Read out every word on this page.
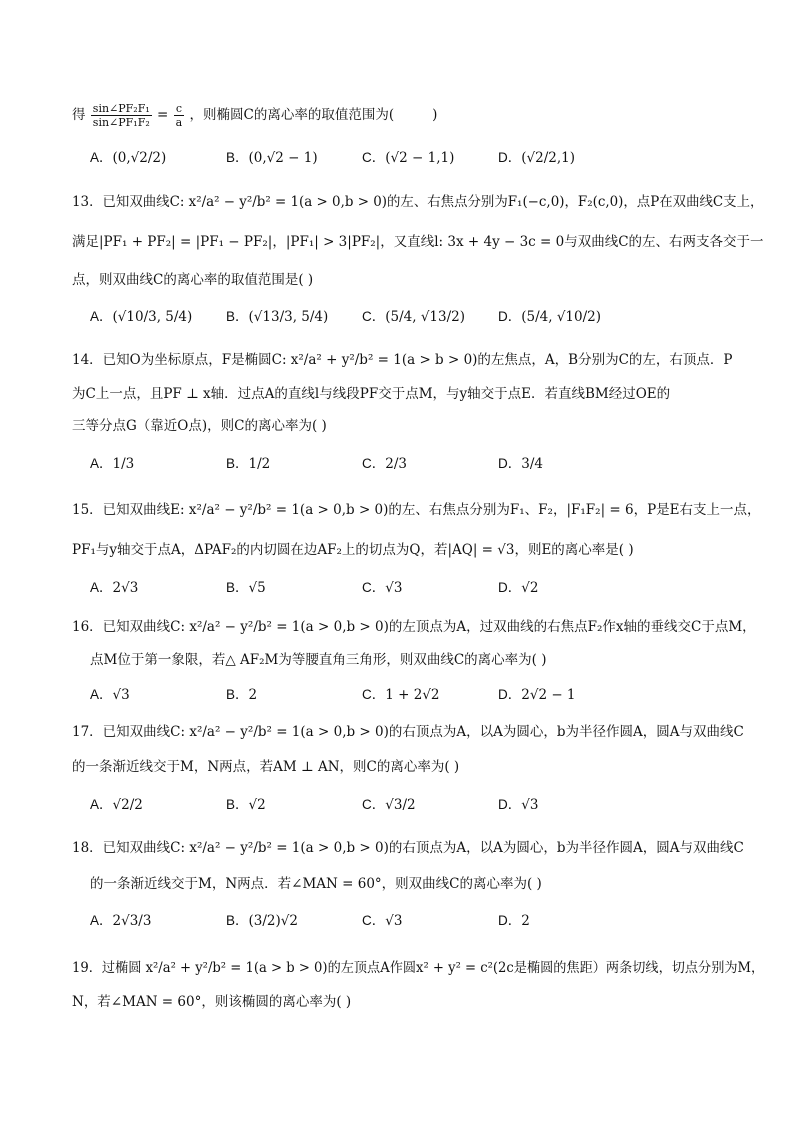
得 $\frac{\text{sin∠PF₂F₁}}{\text{sin∠PF₁F₂}} = \frac{c}{a}$ ，则椭圆C的离心率的取值范围为(	)
A．(0,√2/2)	B．(0,√2 − 1)	C．(√2 − 1,1)	D．(√2/2,1)
13．已知双曲线C: x²/a² − y²/b² = 1(a > 0,b > 0)的左、右焦点分别为F₁(−c,0)，F₂(c,0)，点P在双曲线C支上，
满足|PF₁ + PF₂| = |PF₁ − PF₂|，|PF₁| > 3|PF₂|，又直线l: 3x + 4y − 3c = 0与双曲线C的左、右两支各交于一
点，则双曲线C的离心率的取值范围是( )
A．(√10/3, 5/4) B．(√13/3, 5/4) C．(5/4, √13/2) D．(5/4, √10/2)
14．已知O为坐标原点，F是椭圆C: x²/a² + y²/b² = 1(a > b > 0)的左焦点，A，B分别为C的左，右顶点．P
为C上一点，且PF ⊥ x轴．过点A的直线l与线段PF交于点M，与y轴交于点E．若直线BM经过OE的
三等分点G（靠近O点)，则C的离心率为( )
A．1/3	B．1/2	C．2/3	D．3/4
15．已知双曲线E: x²/a² − y²/b² = 1(a > 0,b > 0)的左、右焦点分别为F₁、F₂，|F₁F₂| = 6，P是E右支上一点，
PF₁与y轴交于点A，ΔPAF₂的内切圆在边AF₂上的切点为Q，若|AQ| = √3，则E的离心率是( )
A．2√3	B．√5	C．√3	D．√2
16．已知双曲线C: x²/a² − y²/b² = 1(a > 0,b > 0)的左顶点为A，过双曲线的右焦点F₂作x轴的垂线交C于点M，
点M位于第一象限，若△ AF₂M为等腰直角三角形，则双曲线C的离心率为( )
A．√3	B．2	C．1 + 2√2	D．2√2 − 1
17．已知双曲线C: x²/a² − y²/b² = 1(a > 0,b > 0)的右顶点为A，以A为圆心，b为半径作圆A，圆A与双曲线C
的一条渐近线交于M，N两点，若AM ⊥ AN，则C的离心率为( )
A．√2/2	B．√2	C．√3/2	D．√3
18．已知双曲线C: x²/a² − y²/b² = 1(a > 0,b > 0)的右顶点为A，以A为圆心，b为半径作圆A，圆A与双曲线C
的一条渐近线交于M，N两点．若∠MAN = 60°，则双曲线C的离心率为( )
A．2√3/3	B．(3/2)√2	C．√3	D．2
19．过椭圆 x²/a² + y²/b² = 1(a > b > 0)的左顶点A作圆x² + y² = c²(2c是椭圆的焦距）两条切线，切点分别为M，
N，若∠MAN = 60°，则该椭圆的离心率为( )
